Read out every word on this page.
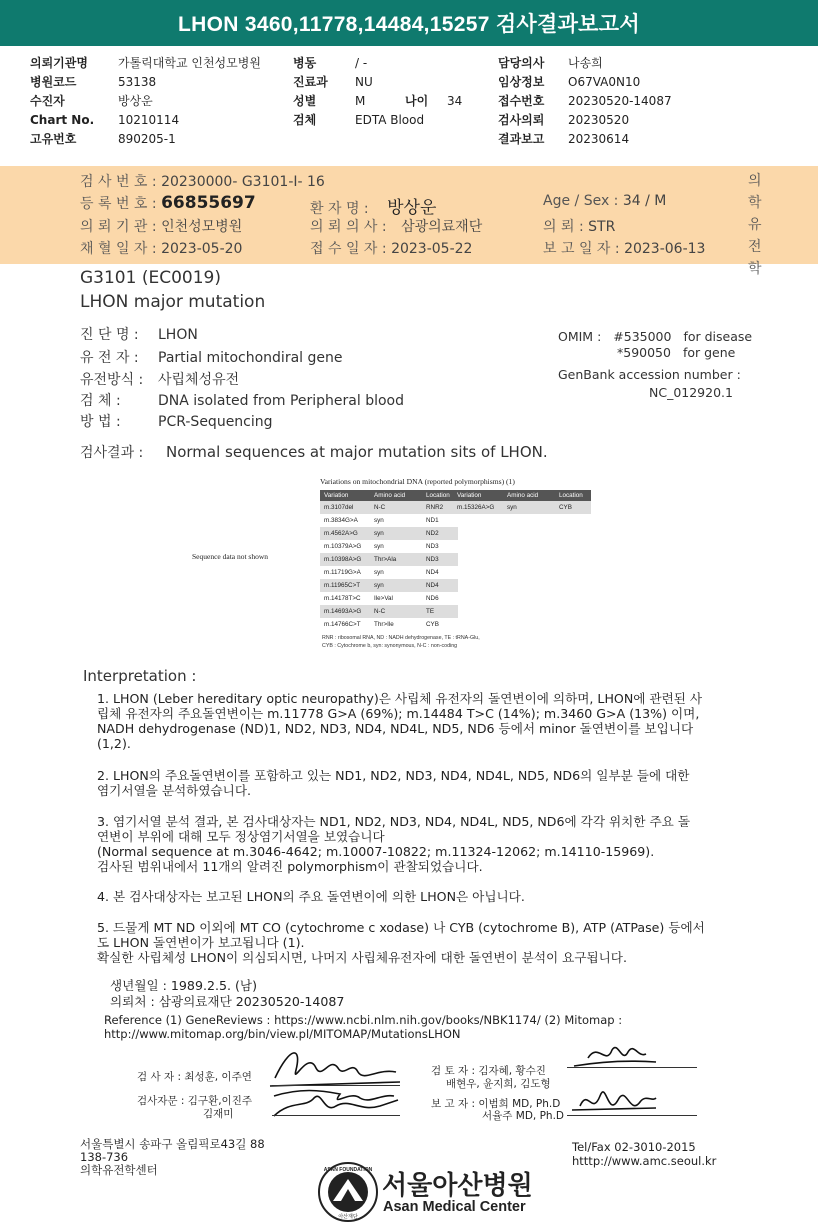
LHON 3460,11778,14484,15257 검사결과보고서
의뢰기관명	가톨릭대학교 인천성모병원
병원코드	53138
수진자	방상운
Chart No. 10210114
고유번호	890205-1
병동	/ -
진료과 NU
성별	M	나이 34
검체	EDTA Blood
담당의사 나송희
임상정보 O67VA0N10
접수번호 20230520-14087
검사의뢰 20230520
결과보고 20230614
검 사 번 호 : 20230000- G3101-I- 16
등 록 번 호 : 66855697	환 자 명 : 방상운	Age / Sex : 34 / M
의 뢰 기 관 : 인천성모병원	의 뢰 의 사 : 삼광의료재단	의 뢰 : STR
채 혈 일 자 : 2023-05-20	접 수 일 자 : 2023-05-22	보 고 일 자 : 2023-06-13
의학유전학
G3101 (EC0019)
LHON major mutation
진 단 명 : LHON
유 전 자 : Partial mitochondiral gene
유전방식 : 사립체성유전
검 체 :	DNA isolated from Peripheral blood
방 법 :	PCR-Sequencing
OMIM : #535000 for disease
*590050 for gene
GenBank accession number :
NC_012920.1
검사결과 : Normal sequences at major mutation sits of LHON.
Sequence data not shown
Variations on mitochondrial DNA (reported polymorphisms) (1)
Variation	Amino acid	Location
m.3107del	N-C	RNR2
m.3834G>A	syn	ND1
m.4562A>G	syn	ND2
m.10379A>G	syn	ND3
m.10398A>G	Thr>Ala	ND3
m.11719G>A	syn	ND4
m.11965C>T	syn	ND4
m.14178T>C	Ile>Val	ND6
m.14693A>G	N-C	TE
m.14766C>T	Thr>Ile	CYB
Variation	Amino acid	Location
m.15326A>G	syn	CYB
RNR : ribosomal RNA, ND : NADH dehydrogenase, TE : tRNA-Glu,
CYB : Cytochrome b, syn: synonymous, N-C : non-coding
Interpretation :
1. LHON (Leber hereditary optic neuropathy)은 사립체 유전자의 돌연변이에 의하며, LHON에 관련된 사
립체 유전자의 주요돌연변이는 m.11778 G>A (69%); m.14484 T>C (14%); m.3460 G>A (13%) 이며,
NADH dehydrogenase (ND)1, ND2, ND3, ND4, ND4L, ND5, ND6 등에서 minor 돌연변이를 보입니다
(1,2).
2. LHON의 주요돌연변이를 포함하고 있는 ND1, ND2, ND3, ND4, ND4L, ND5, ND6의 일부분 들에 대한
염기서열을 분석하였습니다.
3. 염기서열 분석 결과, 본 검사대상자는 ND1, ND2, ND3, ND4, ND4L, ND5, ND6에 각각 위치한 주요 돌
연변이 부위에 대해 모두 정상염기서열을 보였습니다
(Normal sequence at m.3046-4642; m.10007-10822; m.11324-12062; m.14110-15969).
검사된 범위내에서 11개의 알려진 polymorphism이 관찰되었습니다.
4. 본 검사대상자는 보고된 LHON의 주요 돌연변이에 의한 LHON은 아닙니다.
5. 드물게 MT ND 이외에 MT CO (cytochrome c xodase) 나 CYB (cytochrome B), ATP (ATPase) 등에서
도 LHON 돌연변이가 보고됩니다 (1).
확실한 사립체성 LHON이 의심되시면, 나머지 사립체유전자에 대한 돌연변이 분석이 요구됩니다.
생년월일 : 1989.2.5. (남)
의뢰처 : 삼광의료재단 20230520-14087
Reference (1) GeneReviews : https://www.ncbi.nlm.nih.gov/books/NBK1174/ (2) Mitomap :
http://www.mitomap.org/bin/view.pl/MITOMAP/MutationsLHON
검 사 자 : 최성훈, 이주연
검사자문 : 김구환,이진주
김재미
검 토 자 : 김자혜, 황수진
배현우, 윤지희, 김도형
보 고 자 : 이범희 MD, Ph.D
서율주 MD, Ph.D
서울특별시 송파구 올림픽로43길 88
138-736
의학유전학센터
Tel/Fax 02-3010-2015
htttp://www.amc.seoul.kr
ASAN FOUNDATION
아산재단
서울아산병원
Asan Medical Center
